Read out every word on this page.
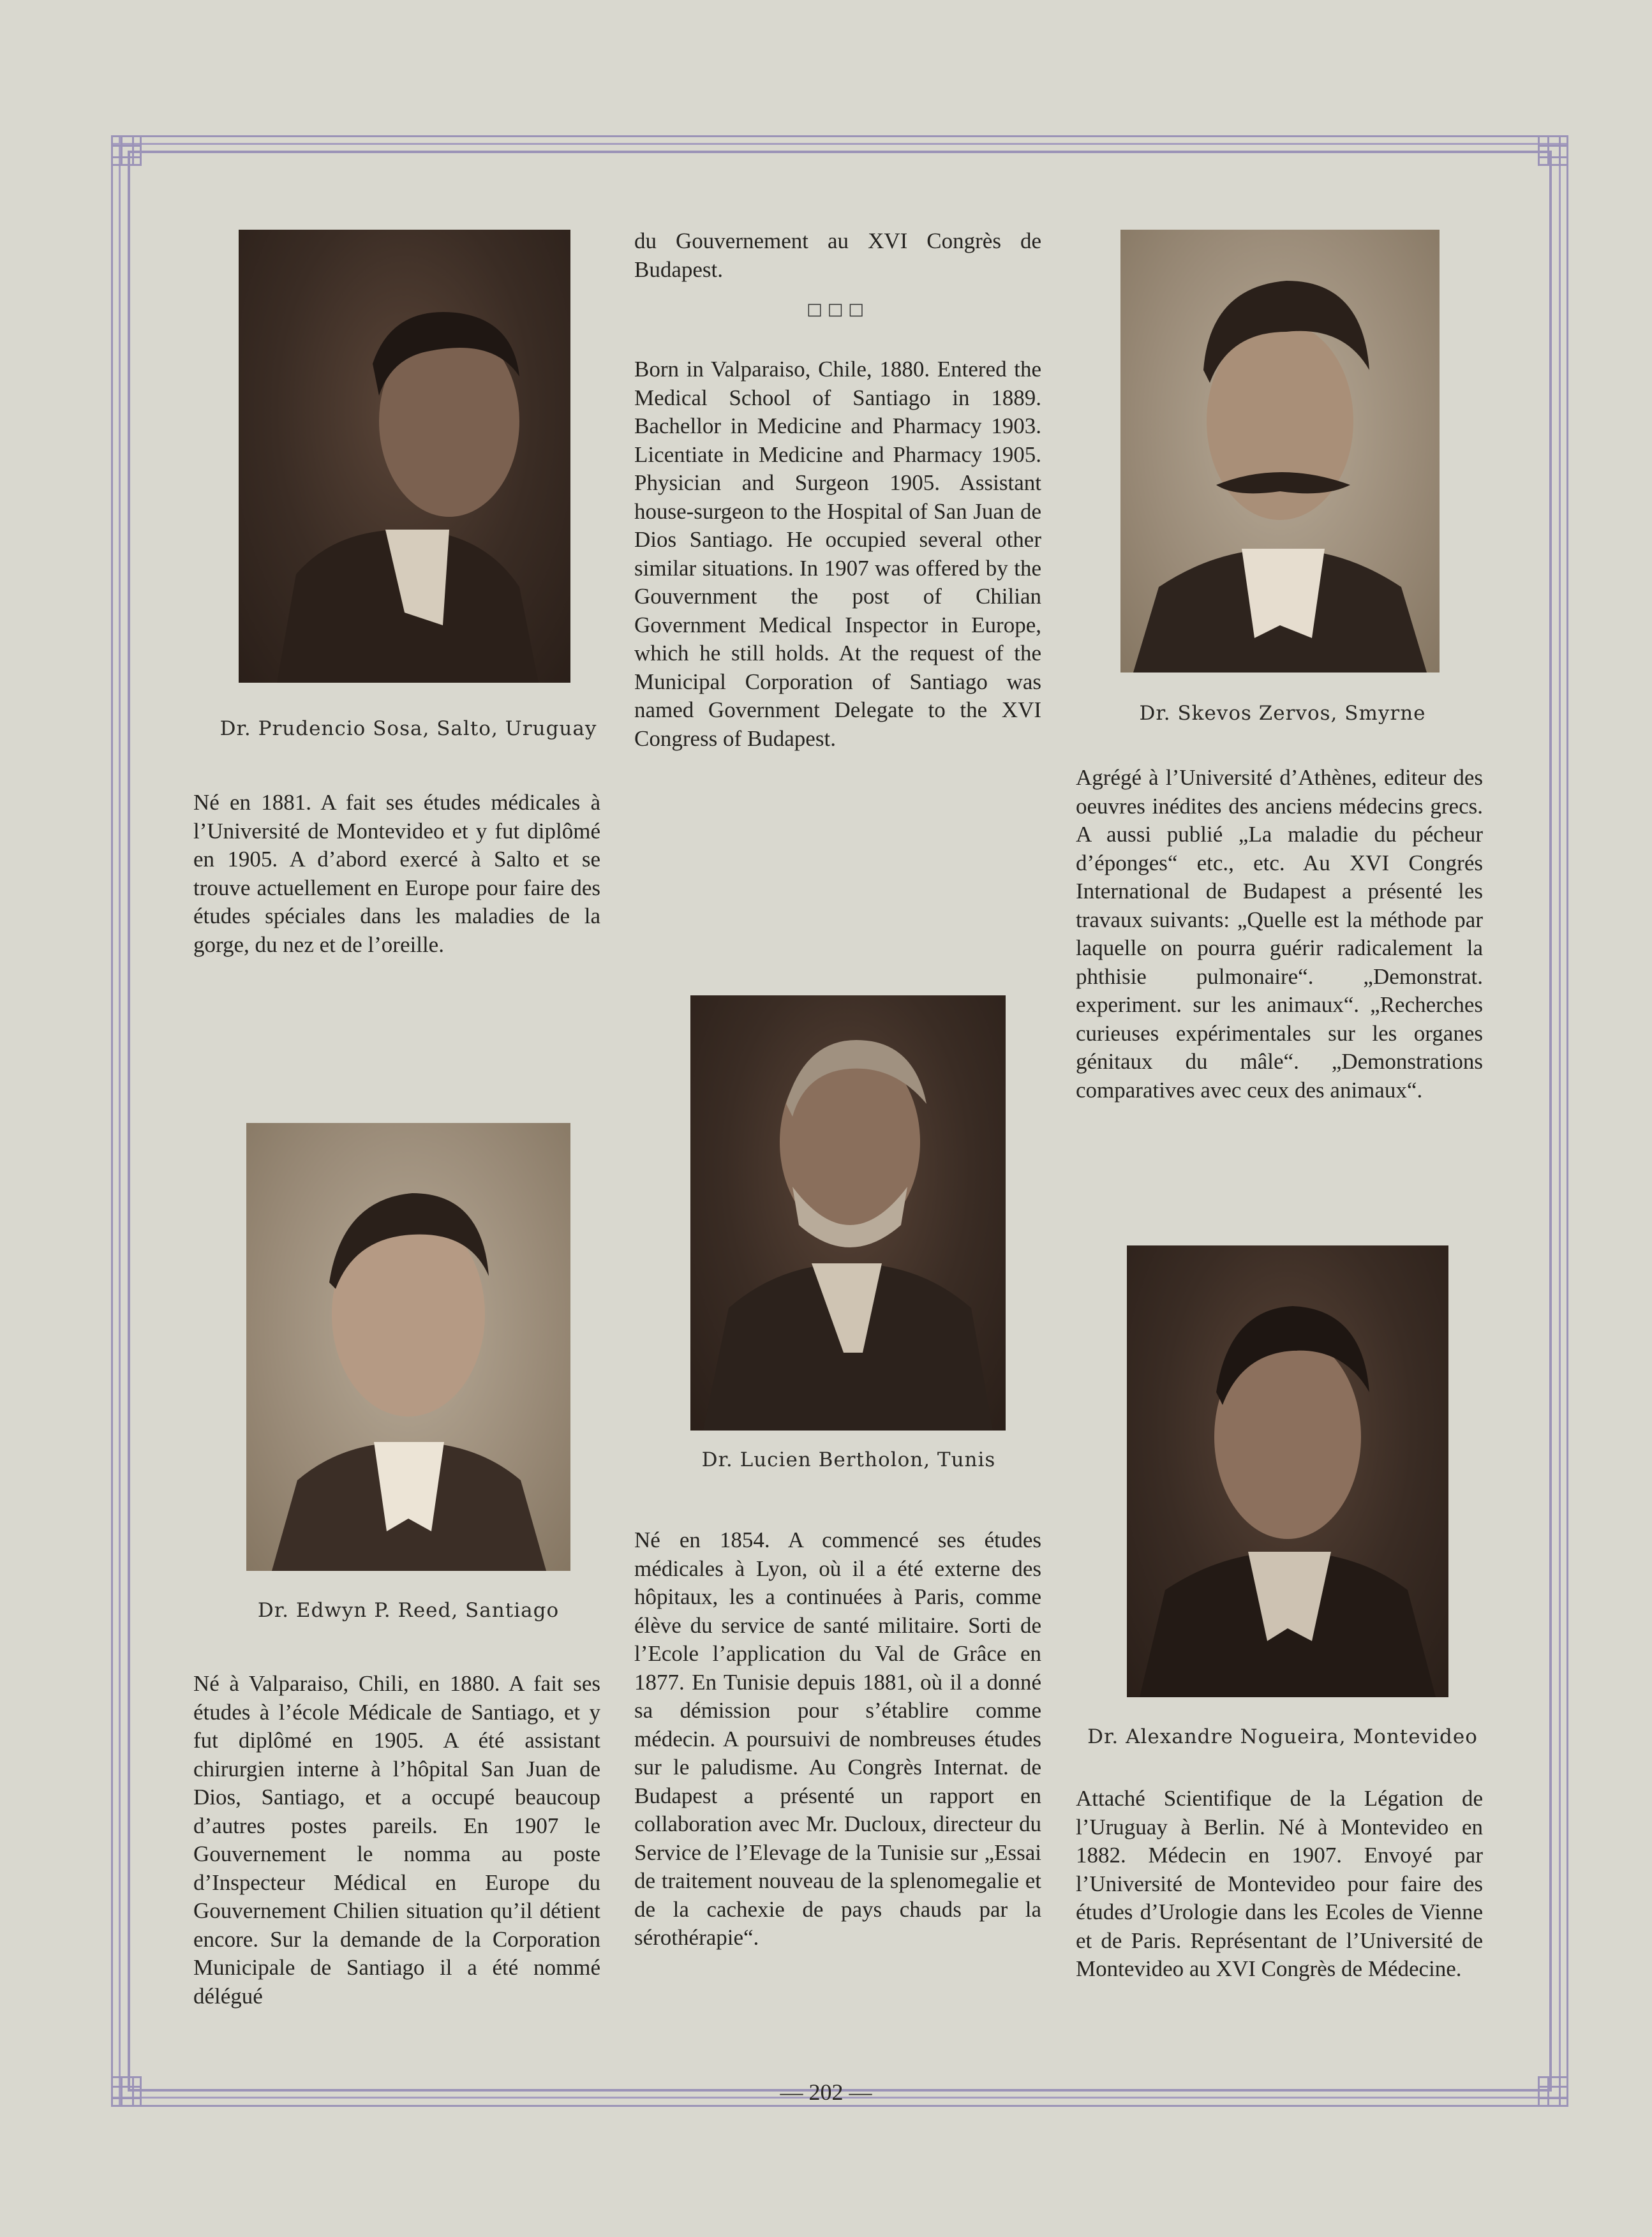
Dr. Prudencio Sosa, Salto, Uruguay

Né en 1881. A fait ses études médicales à l’Université de Montevideo et y fut diplômé en 1905. A d’abord exercé à Salto et se trouve actuellement en Europe pour faire des études spéciales dans les maladies de la gorge, du nez et de l’oreille.

Dr. Edwyn P. Reed, Santiago

Né à Valparaiso, Chili, en 1880. A fait ses études à l’école Médicale de Santiago, et y fut diplômé en 1905. A été assistant chirurgien interne à l’hôpital San Juan de Dios, Santiago, et a occupé beaucoup d’autres postes pareils. En 1907 le Gouvernement le nomma au poste d’Inspecteur Médical en Europe du Gouvernement Chilien situation qu’il détient encore. Sur la demande de la Corporation Municipale de Santiago il a été nommé délégué

du Gouvernement au XVI Congrès de Budapest.

□□□

Born in Valparaiso, Chile, 1880. Entered the Medical School of Santiago in 1889. Bachellor in Medicine and Pharmacy 1903. Licentiate in Medicine and Pharmacy 1905. Physician and Surgeon 1905. Assistant house-surgeon to the Hospital of San Juan de Dios Santiago. He occupied several other similar situations. In 1907 was offered by the Gouvernment the post of Chilian Government Medical Inspector in Europe, which he still holds. At the request of the Municipal Corporation of Santiago was named Government Delegate to the XVI Congress of Budapest.

Dr. Lucien Bertholon, Tunis

Né en 1854. A commencé ses études médicales à Lyon, où il a été externe des hôpitaux, les a continuées à Paris, comme élève du service de santé militaire. Sorti de l’Ecole l’application du Val de Grâce en 1877. En Tunisie depuis 1881, où il a donné sa démission pour s’établire comme médecin. A poursuivi de nombreuses études sur le paludisme. Au Congrès Internat. de Budapest a présenté un rapport en collaboration avec Mr. Ducloux, directeur du Service de l’Elevage de la Tunisie sur „Essai de traitement nouveau de la splenomegalie et de la cachexie de pays chauds par la sérothérapie“.

Dr. Skevos Zervos, Smyrne

Agrégé à l’Université d’Athènes, editeur des oeuvres inédites des anciens médecins grecs. A aussi publié „La maladie du pécheur d’éponges“ etc., etc. Au XVI Congrés International de Budapest a présenté les travaux suivants: „Quelle est la méthode par laquelle on pourra guérir radicalement la phthisie pulmonaire“. „Demonstrat. experiment. sur les animaux“. „Recherches curieuses expérimentales sur les organes génitaux du mâle“. „Demonstrations comparatives avec ceux des animaux“.

Dr. Alexandre Nogueira, Montevideo

Attaché Scientifique de la Légation de l’Uruguay à Berlin. Né à Montevideo en 1882. Médecin en 1907. Envoyé par l’Université de Montevideo pour faire des études d’Urologie dans les Ecoles de Vienne et de Paris. Représentant de l’Université de Montevideo au XVI Congrès de Médecine.

— 202 —
